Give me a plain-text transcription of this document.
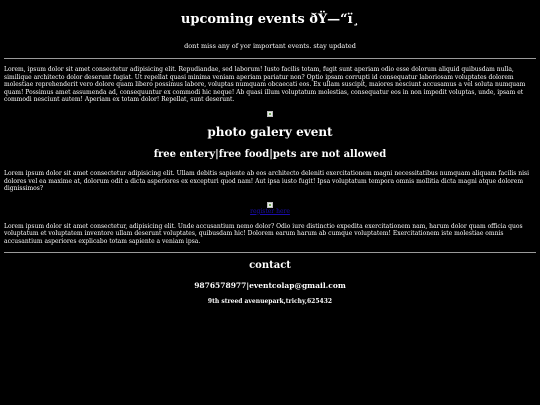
upcoming events ðŸ—“ï¸

dont miss any of yor important events. stay updated

Lorem, ipsum dolor sit amet consectetur adipisicing elit. Repudiandae, sed laborum! Iusto facilis totam, fugit sunt aperiam odio esse dolorum aliquid quibusdam nulla, similique architecto dolor deserunt fugiat. Ut repellat quasi minima veniam aperiam pariatur non? Optio ipsam corrupti id consequatur laboriosam voluptates dolorem molestiae reprehenderit vero dolore quam libero possimus labore, voluptas numquam obcaecati eos. Ex ullam suscipit, maiores nesciunt accusamus a vel soluta numquam quam! Possimus amet assumenda ad, consequuntur ex commodi hic neque! Ab quasi illum voluptatum molestias, consequatur eos in non impedit voluptas, unde, ipsam et commodi nesciunt autem! Aperiam ex totam dolor! Repellat, sunt deserunt.

photo galery event
free entery|free food|pets are not allowed

Lorem ipsum dolor sit amet consectetur adipisicing elit. Ullam debitis sapiente ab eos architecto deleniti exercitationem magni necessitatibus numquam aliquam facilis nisi dolores vel ea maxime at, dolorum odit a dicta asperiores ex excepturi quod nam! Aut ipsa iusto fugit! Ipsa voluptatum tempora omnis mollitia dicta magni atque dolorem dignissimos?

register here

Lorem ipsum dolor sit amet consectetur, adipisicing elit. Unde accusantium nemo dolor? Odio iure distinctio expedita exercitationem nam, harum dolor quam officia quos voluptatum et voluptatem inventore ullam deserunt voluptates, quibusdam hic! Dolorem earum harum ab cumque voluptatem! Exercitationem iste molestiae omnis accusantium asperiores explicabo totam sapiente a veniam ipsa.

contact

9876578977|eventcolap@gmail.com

9th streed avenuepark,trichy,625432
